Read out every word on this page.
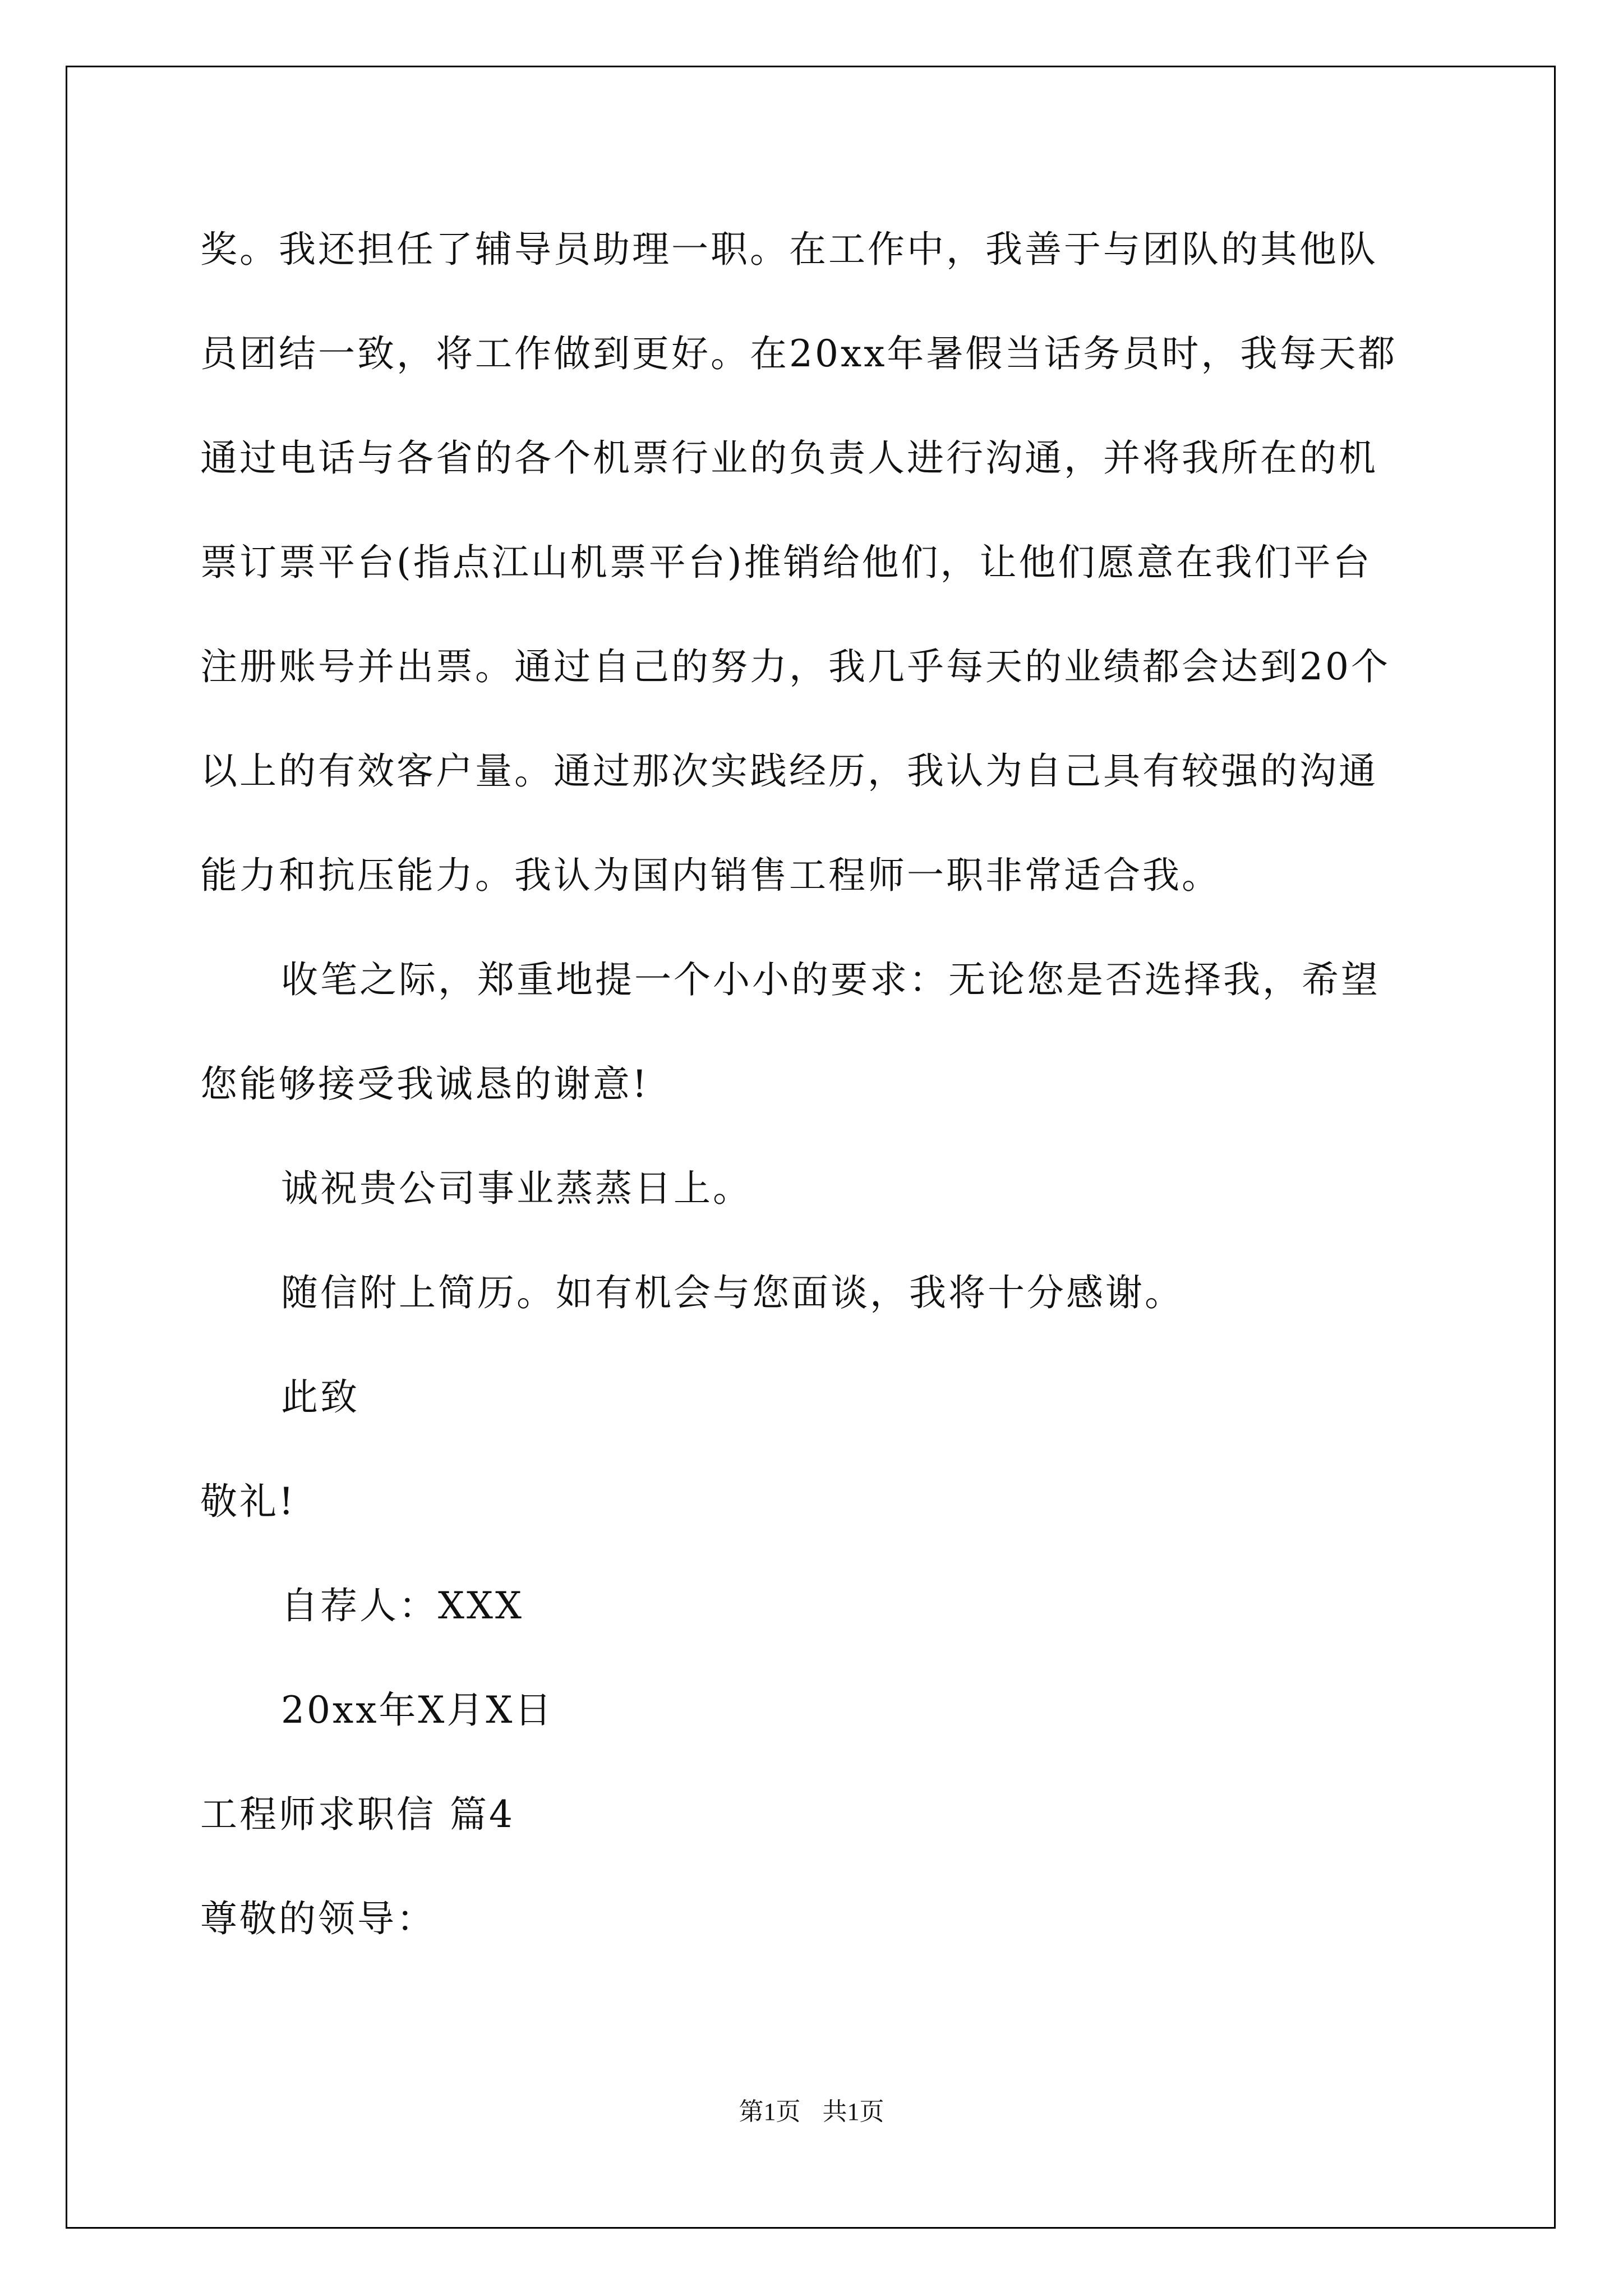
奖。我还担任了辅导员助理一职。在工作中，我善于与团队的其他队
员团结一致，将工作做到更好。在20xx年暑假当话务员时，我每天都
通过电话与各省的各个机票行业的负责人进行沟通，并将我所在的机
票订票平台(指点江山机票平台)推销给他们，让他们愿意在我们平台
注册账号并出票。通过自己的努力，我几乎每天的业绩都会达到20个
以上的有效客户量。通过那次实践经历，我认为自己具有较强的沟通
能力和抗压能力。我认为国内销售工程师一职非常适合我。
收笔之际，郑重地提一个小小的要求：无论您是否选择我，希望
您能够接受我诚恳的谢意!
诚祝贵公司事业蒸蒸日上。
随信附上简历。如有机会与您面谈，我将十分感谢。
此致
敬礼!
自荐人：XXX
20xx年X月X日
工程师求职信 篇4
尊敬的领导：
第1页 共1页
